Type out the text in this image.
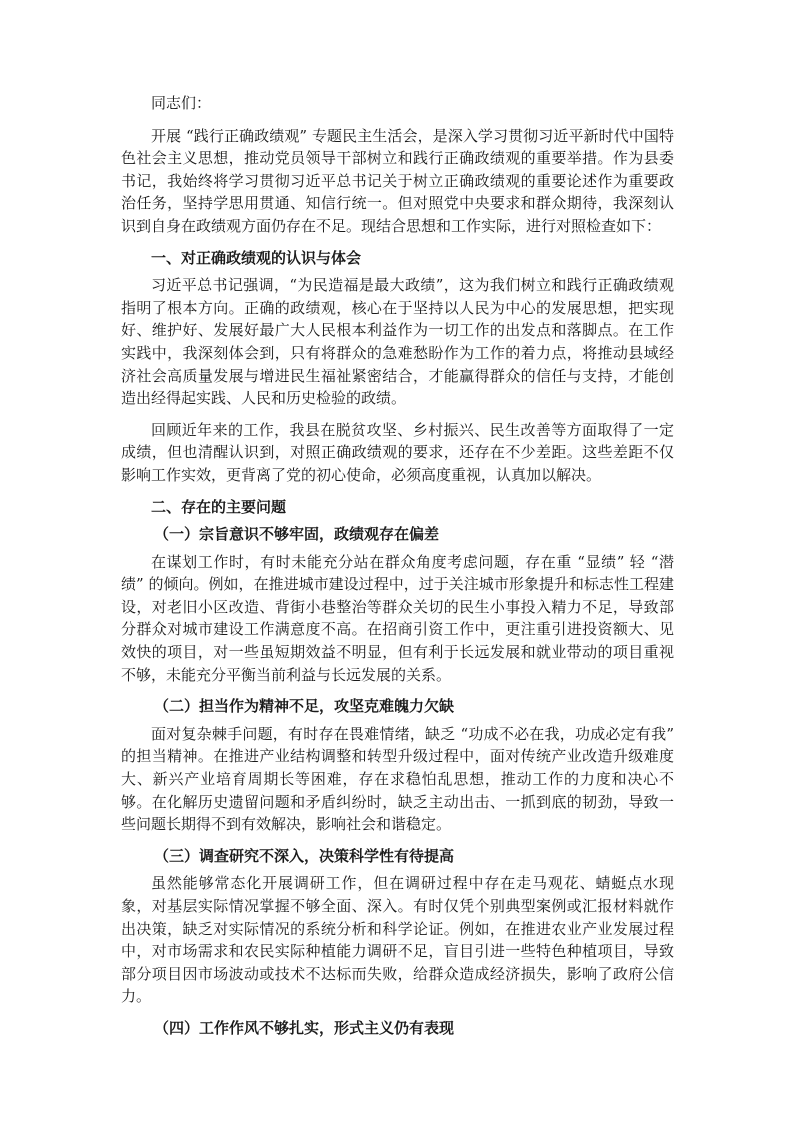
同志们：

开展 “践行正确政绩观” 专题民主生活会，是深入学习贯彻习近平新时代中国特色社会主义思想，推动党员领导干部树立和践行正确政绩观的重要举措。作为县委书记，我始终将学习贯彻习近平总书记关于树立正确政绩观的重要论述作为重要政治任务，坚持学思用贯通、知信行统一。但对照党中央要求和群众期待，我深刻认识到自身在政绩观方面仍存在不足。现结合思想和工作实际，进行对照检查如下：

一、对正确政绩观的认识与体会

习近平总书记强调，“为民造福是最大政绩”，这为我们树立和践行正确政绩观指明了根本方向。正确的政绩观，核心在于坚持以人民为中心的发展思想，把实现好、维护好、发展好最广大人民根本利益作为一切工作的出发点和落脚点。在工作实践中，我深刻体会到，只有将群众的急难愁盼作为工作的着力点，将推动县域经济社会高质量发展与增进民生福祉紧密结合，才能赢得群众的信任与支持，才能创造出经得起实践、人民和历史检验的政绩。

回顾近年来的工作，我县在脱贫攻坚、乡村振兴、民生改善等方面取得了一定成绩，但也清醒认识到，对照正确政绩观的要求，还存在不少差距。这些差距不仅影响工作实效，更背离了党的初心使命，必须高度重视，认真加以解决。

二、存在的主要问题
（一）宗旨意识不够牢固，政绩观存在偏差

在谋划工作时，有时未能充分站在群众角度考虑问题，存在重 “显绩” 轻 “潜绩” 的倾向。例如，在推进城市建设过程中，过于关注城市形象提升和标志性工程建设，对老旧小区改造、背街小巷整治等群众关切的民生小事投入精力不足，导致部分群众对城市建设工作满意度不高。在招商引资工作中，更注重引进投资额大、见效快的项目，对一些虽短期效益不明显，但有利于长远发展和就业带动的项目重视不够，未能充分平衡当前利益与长远发展的关系。

（二）担当作为精神不足，攻坚克难魄力欠缺

面对复杂棘手问题，有时存在畏难情绪，缺乏 “功成不必在我，功成必定有我” 的担当精神。在推进产业结构调整和转型升级过程中，面对传统产业改造升级难度大、新兴产业培育周期长等困难，存在求稳怕乱思想，推动工作的力度和决心不够。在化解历史遗留问题和矛盾纠纷时，缺乏主动出击、一抓到底的韧劲，导致一些问题长期得不到有效解决，影响社会和谐稳定。

（三）调查研究不深入，决策科学性有待提高

虽然能够常态化开展调研工作，但在调研过程中存在走马观花、蜻蜓点水现象，对基层实际情况掌握不够全面、深入。有时仅凭个别典型案例或汇报材料就作出决策，缺乏对实际情况的系统分析和科学论证。例如，在推进农业产业发展过程中，对市场需求和农民实际种植能力调研不足，盲目引进一些特色种植项目，导致部分项目因市场波动或技术不达标而失败，给群众造成经济损失，影响了政府公信力。

（四）工作作风不够扎实，形式主义仍有表现
